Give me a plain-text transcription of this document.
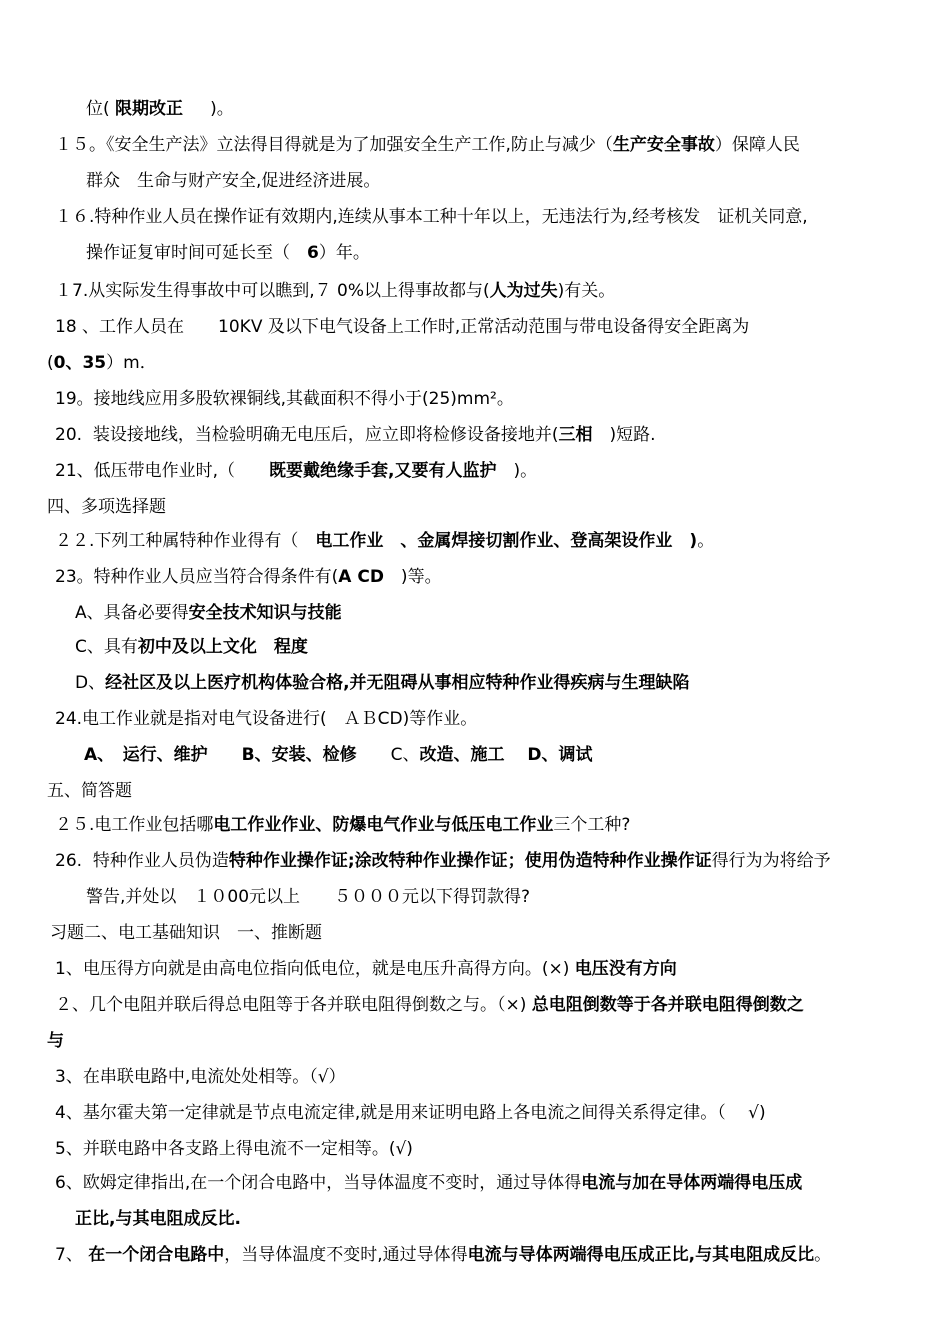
位( 限期改正     )。
１５。《安全生产法》立法得目得就是为了加强安全生产工作,防止与减少（生产安全事故）保障人民
群众　生命与财产安全,促进经济进展。
１６.特种作业人员在操作证有效期内,连续从事本工种十年以上，无违法行为,经考核发　证机关同意,
操作证复审时间可延长至（　6）年。
１7.从实际发生得事故中可以瞧到,７ 0%以上得事故都与(人为过失)有关。
18 、工作人员在　　10KV 及以下电气设备上工作时,正常活动范围与带电设备得安全距离为
(0、35）m．
19。接地线应用多股软裸铜线,其截面积不得小于(25)mm²。
20.  装设接地线，当检验明确无电压后，应立即将检修设备接地并(三相　)短路.
21、低压带电作业时,（　　既要戴绝缘手套,又要有人监护　)。
四、多项选择题
２２.下列工种属特种作业得有（　电工作业　、金属焊接切割作业、登高架设作业　)。
23。特种作业人员应当符合得条件有(A CD　)等。
A、具备必要得安全技术知识与技能
C、具有初中及以上文化　程度
D、经社区及以上医疗机构体验合格,并无阻碍从事相应特种作业得疾病与生理缺陷
24.电工作业就是指对电气设备进行(　ＡＢCD)等作业。
A、　运行、维护　　B、安装、检修　　C、改造、施工　 D、调试
五、简答题
２５.电工作业包括哪电工作业作业、防爆电气作业与低压电工作业三个工种?
26.  特种作业人员伪造特种作业操作证;涂改特种作业操作证；使用伪造特种作业操作证得行为为将给予
警告,并处以　１０00元以上　　５０００元以下得罚款得?
习题二、电工基础知识　一、推断题
1、电压得方向就是由高电位指向低电位，就是电压升高得方向。(×) 电压没有方向
２、几个电阻并联后得总电阻等于各并联电阻得倒数之与。（×) 总电阻倒数等于各并联电阻得倒数之
与
3、在串联电路中,电流处处相等。（√）
4、基尔霍夫第一定律就是节点电流定律,就是用来证明电路上各电流之间得关系得定律。（　 √)
5、并联电路中各支路上得电流不一定相等。(√)
6、欧姆定律指出,在一个闭合电路中，当导体温度不变时，通过导体得电流与加在导体两端得电压成
正比,与其电阻成反比.
7、 在一个闭合电路中，当导体温度不变时,通过导体得电流与导体两端得电压成正比,与其电阻成反比。
